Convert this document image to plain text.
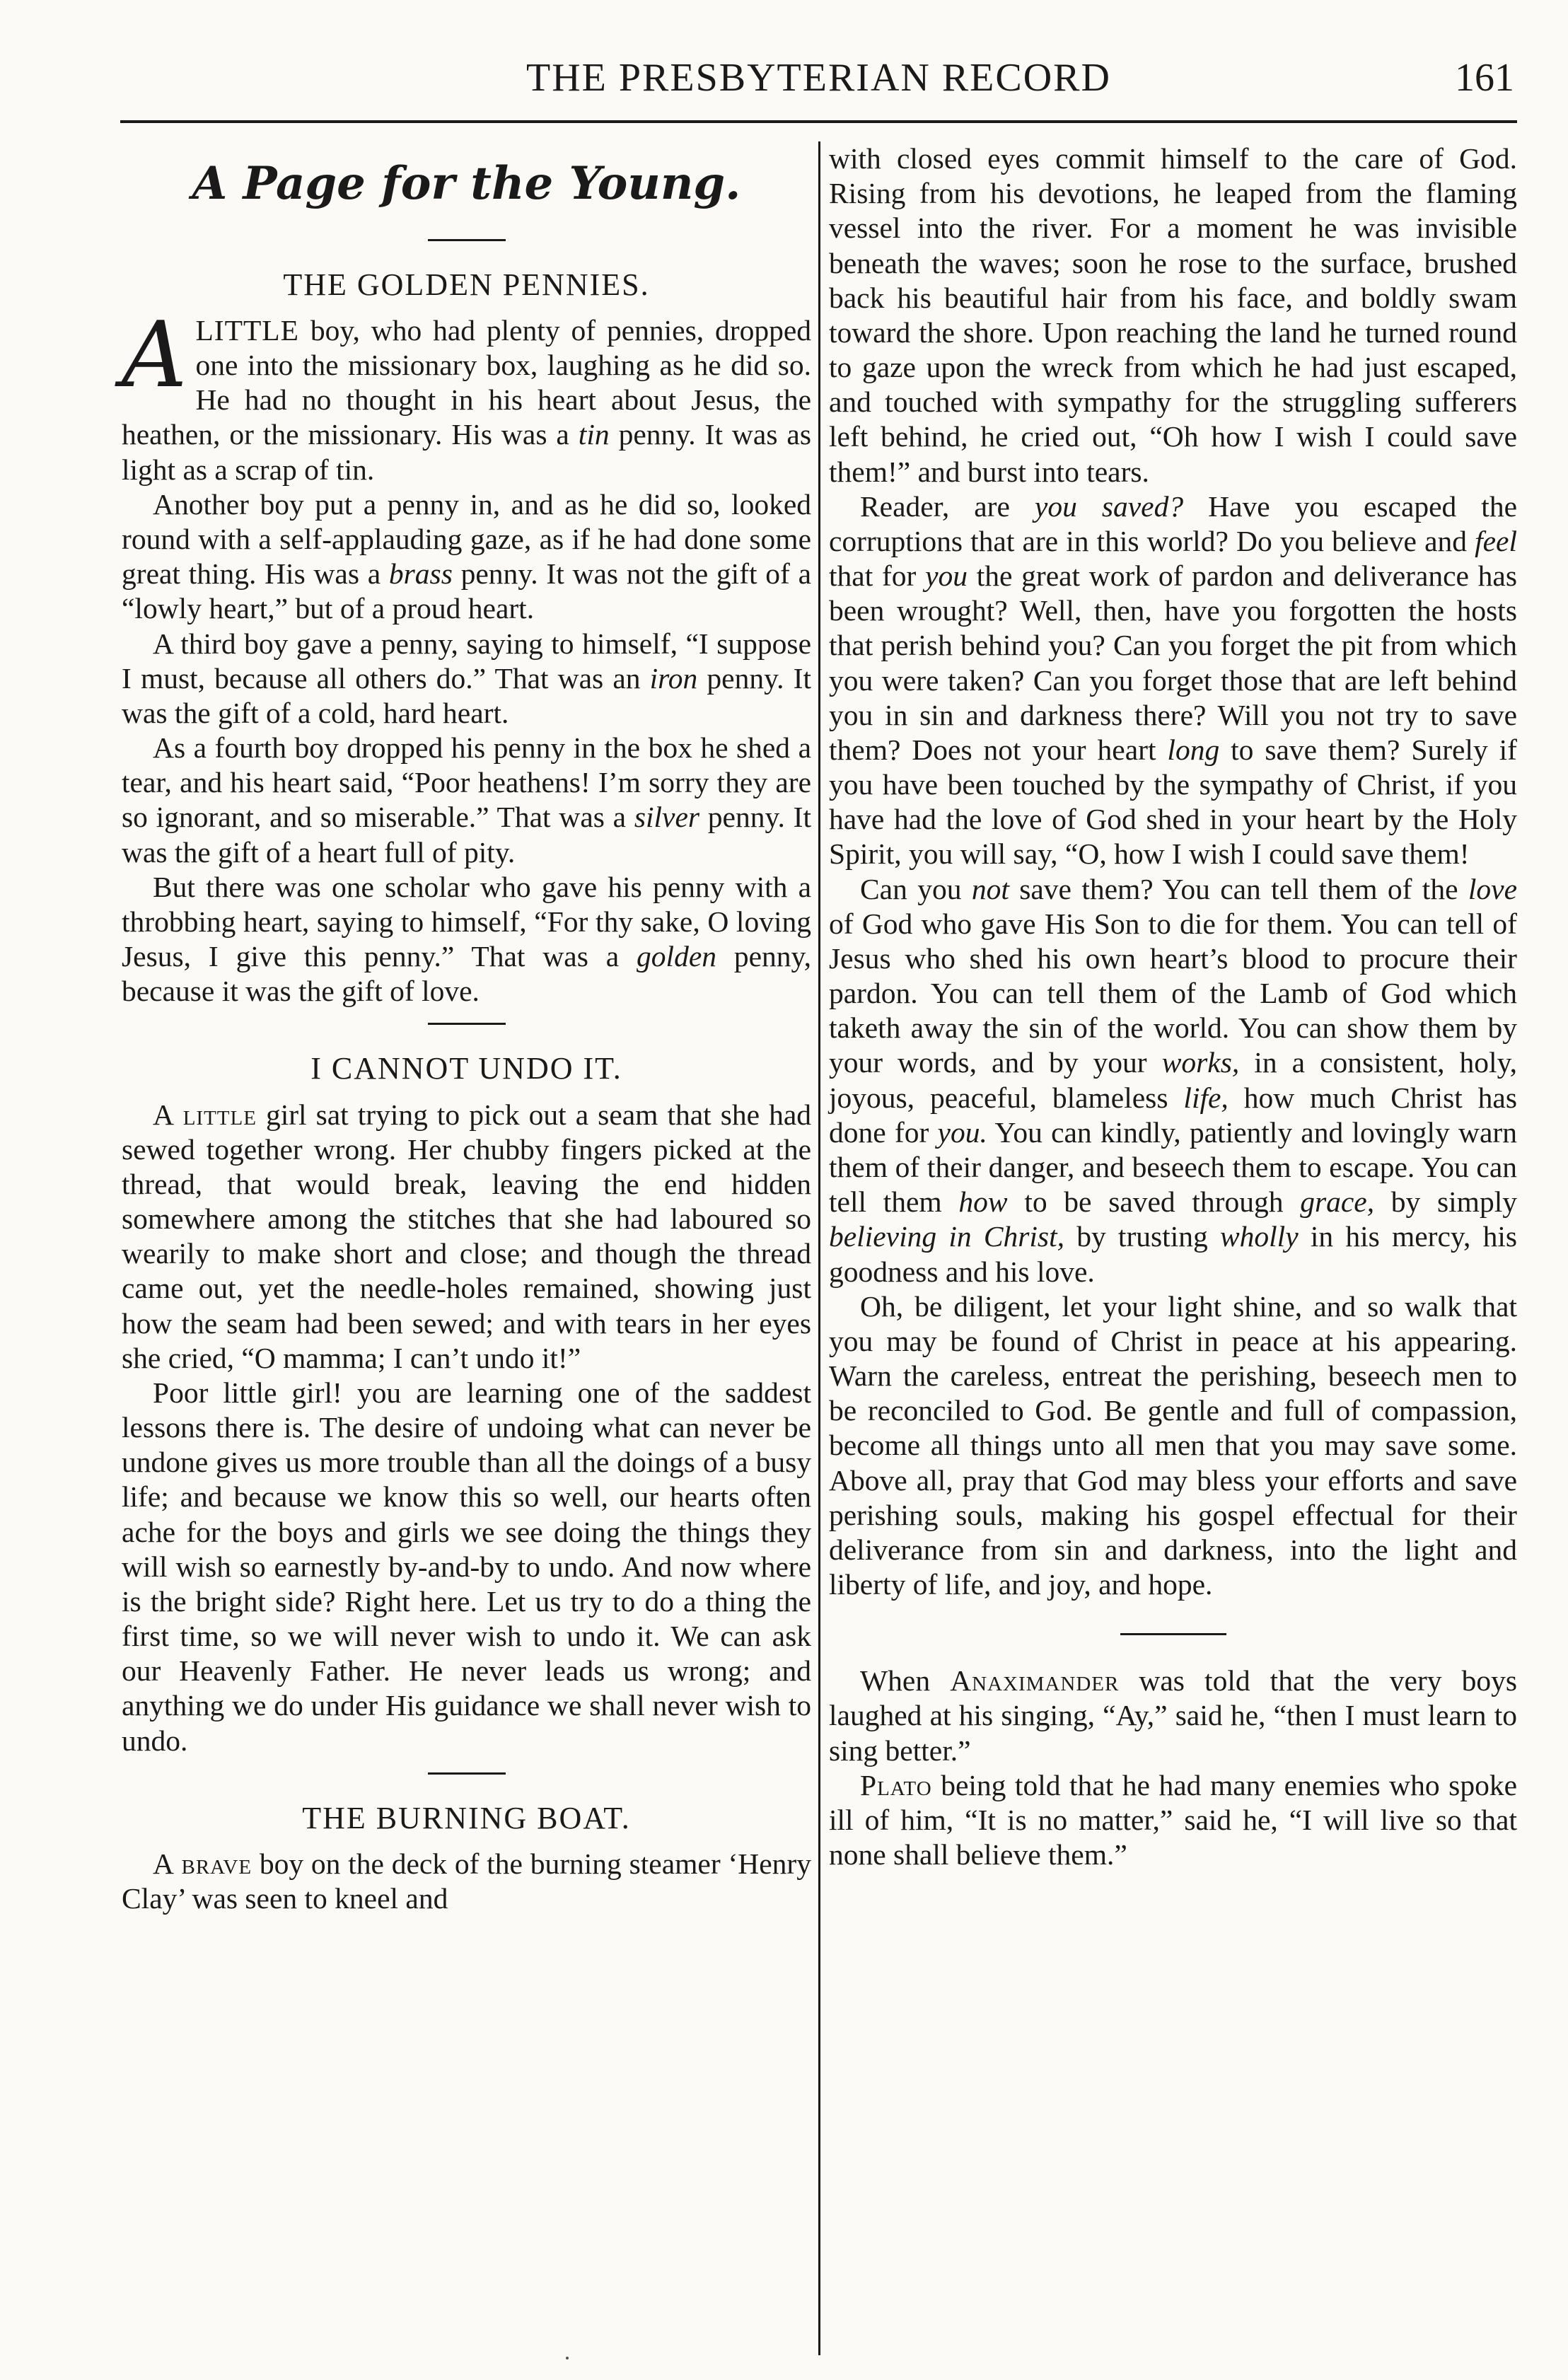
THE PRESBYTERIAN RECORD	161
A Page for the Young.
THE GOLDEN PENNIES.

ALITTLE boy, who had plenty of pennies, dropped one into the missionary box, laughing as he did so. He had no thought in his heart about Jesus, the heathen, or the missionary. His was a tin penny. It was as light as a scrap of tin.

Another boy put a penny in, and as he did so, looked round with a self-applauding gaze, as if he had done some great thing. His was a brass penny. It was not the gift of a “lowly heart,” but of a proud heart.

A third boy gave a penny, saying to himself, “I suppose I must, because all others do.” That was an iron penny. It was the gift of a cold, hard heart.

As a fourth boy dropped his penny in the box he shed a tear, and his heart said, “Poor heathens! I’m sorry they are so ignorant, and so miserable.” That was a silver penny. It was the gift of a heart full of pity.

But there was one scholar who gave his penny with a throbbing heart, saying to himself, “For thy sake, O loving Jesus, I give this penny.” That was a golden penny, because it was the gift of love.

I CANNOT UNDO IT.

A little girl sat trying to pick out a seam that she had sewed together wrong. Her chubby fingers picked at the thread, that would break, leaving the end hidden somewhere among the stitches that she had laboured so wearily to make short and close; and though the thread came out, yet the needle-holes remained, showing just how the seam had been sewed; and with tears in her eyes she cried, “O mamma; I can’t undo it!”

Poor little girl! you are learning one of the saddest lessons there is. The desire of undoing what can never be undone gives us more trouble than all the doings of a busy life; and because we know this so well, our hearts often ache for the boys and girls we see doing the things they will wish so earnestly by-and-by to undo. And now where is the bright side? Right here. Let us try to do a thing the first time, so we will never wish to undo it. We can ask our Heavenly Father. He never leads us wrong; and anything we do under His guidance we shall never wish to undo.

THE BURNING BOAT.

A brave boy on the deck of the burning steamer ‘Henry Clay’ was seen to kneel and

with closed eyes commit himself to the care of God. Rising from his devotions, he leaped from the flaming vessel into the river. For a moment he was invisible beneath the waves; soon he rose to the surface, brushed back his beautiful hair from his face, and boldly swam toward the shore. Upon reaching the land he turned round to gaze upon the wreck from which he had just escaped, and touched with sympathy for the struggling sufferers left behind, he cried out, “Oh how I wish I could save them!” and burst into tears.

Reader, are you saved? Have you escaped the corruptions that are in this world? Do you believe and feel that for you the great work of pardon and deliverance has been wrought? Well, then, have you forgotten the hosts that perish behind you? Can you forget the pit from which you were taken? Can you forget those that are left behind you in sin and darkness there? Will you not try to save them? Does not your heart long to save them? Surely if you have been touched by the sympathy of Christ, if you have had the love of God shed in your heart by the Holy Spirit, you will say, “O, how I wish I could save them!

Can you not save them? You can tell them of the love of God who gave His Son to die for them. You can tell of Jesus who shed his own heart’s blood to procure their pardon. You can tell them of the Lamb of God which taketh away the sin of the world. You can show them by your words, and by your works, in a consistent, holy, joyous, peaceful, blameless life, how much Christ has done for you. You can kindly, patiently and lovingly warn them of their danger, and beseech them to escape. You can tell them how to be saved through grace, by simply believing in Christ, by trusting wholly in his mercy, his goodness and his love.

Oh, be diligent, let your light shine, and so walk that you may be found of Christ in peace at his appearing. Warn the careless, entreat the perishing, beseech men to be reconciled to God. Be gentle and full of compassion, become all things unto all men that you may save some. Above all, pray that God may bless your efforts and save perishing souls, making his gospel effectual for their deliverance from sin and darkness, into the light and liberty of life, and joy, and hope.

When Anaximander was told that the very boys laughed at his singing, “Ay,” said he, “then I must learn to sing better.”

Plato being told that he had many enemies who spoke ill of him, “It is no matter,” said he, “I will live so that none shall believe them.”
